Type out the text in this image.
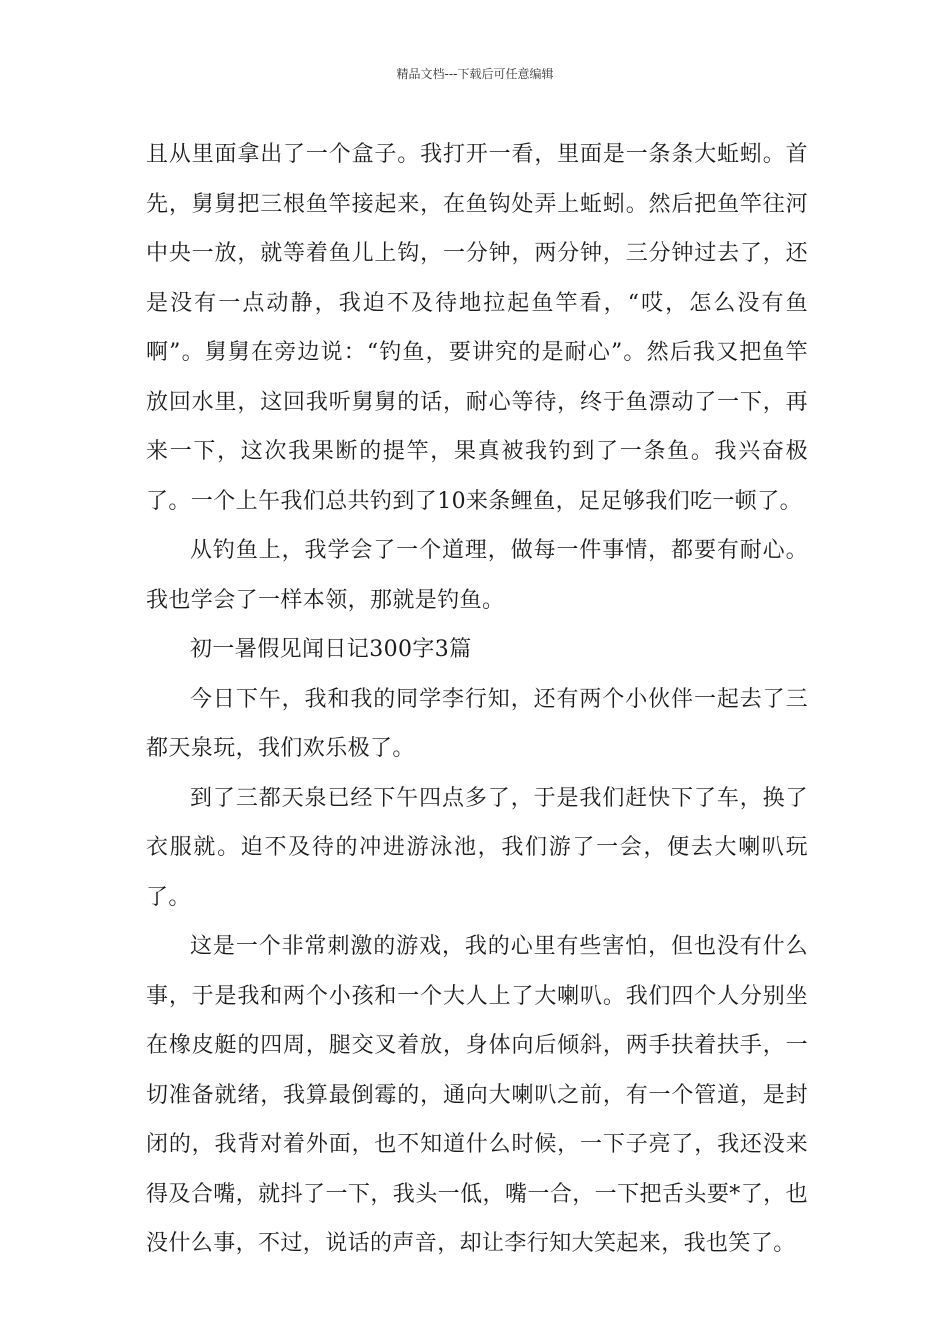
精品文档---下载后可任意编辑

且从里面拿出了一个盒子。我打开一看，里面是一条条大蚯蚓。首先，舅舅把三根鱼竿接起来，在鱼钩处弄上蚯蚓。然后把鱼竿往河中央一放，就等着鱼儿上钩，一分钟，两分钟，三分钟过去了，还是没有一点动静，我迫不及待地拉起鱼竿看，“哎，怎么没有鱼啊”。舅舅在旁边说：“钓鱼，要讲究的是耐心”。然后我又把鱼竿放回水里，这回我听舅舅的话，耐心等待，终于鱼漂动了一下，再来一下，这次我果断的提竿，果真被我钓到了一条鱼。我兴奋极了。一个上午我们总共钓到了10来条鲤鱼，足足够我们吃一顿了。

从钓鱼上，我学会了一个道理，做每一件事情，都要有耐心。我也学会了一样本领，那就是钓鱼。

初一暑假见闻日记300字3篇

今日下午，我和我的同学李行知，还有两个小伙伴一起去了三都天泉玩，我们欢乐极了。

到了三都天泉已经下午四点多了，于是我们赶快下了车，换了衣服就。迫不及待的冲进游泳池，我们游了一会，便去大喇叭玩了。

这是一个非常刺激的游戏，我的心里有些害怕，但也没有什么事，于是我和两个小孩和一个大人上了大喇叭。我们四个人分别坐在橡皮艇的四周，腿交叉着放，身体向后倾斜，两手扶着扶手，一切准备就绪，我算最倒霉的，通向大喇叭之前，有一个管道，是封闭的，我背对着外面，也不知道什么时候，一下子亮了，我还没来得及合嘴，就抖了一下，我头一低，嘴一合，一下把舌头要*了，也没什么事，不过，说话的声音，却让李行知大笑起来，我也笑了。
